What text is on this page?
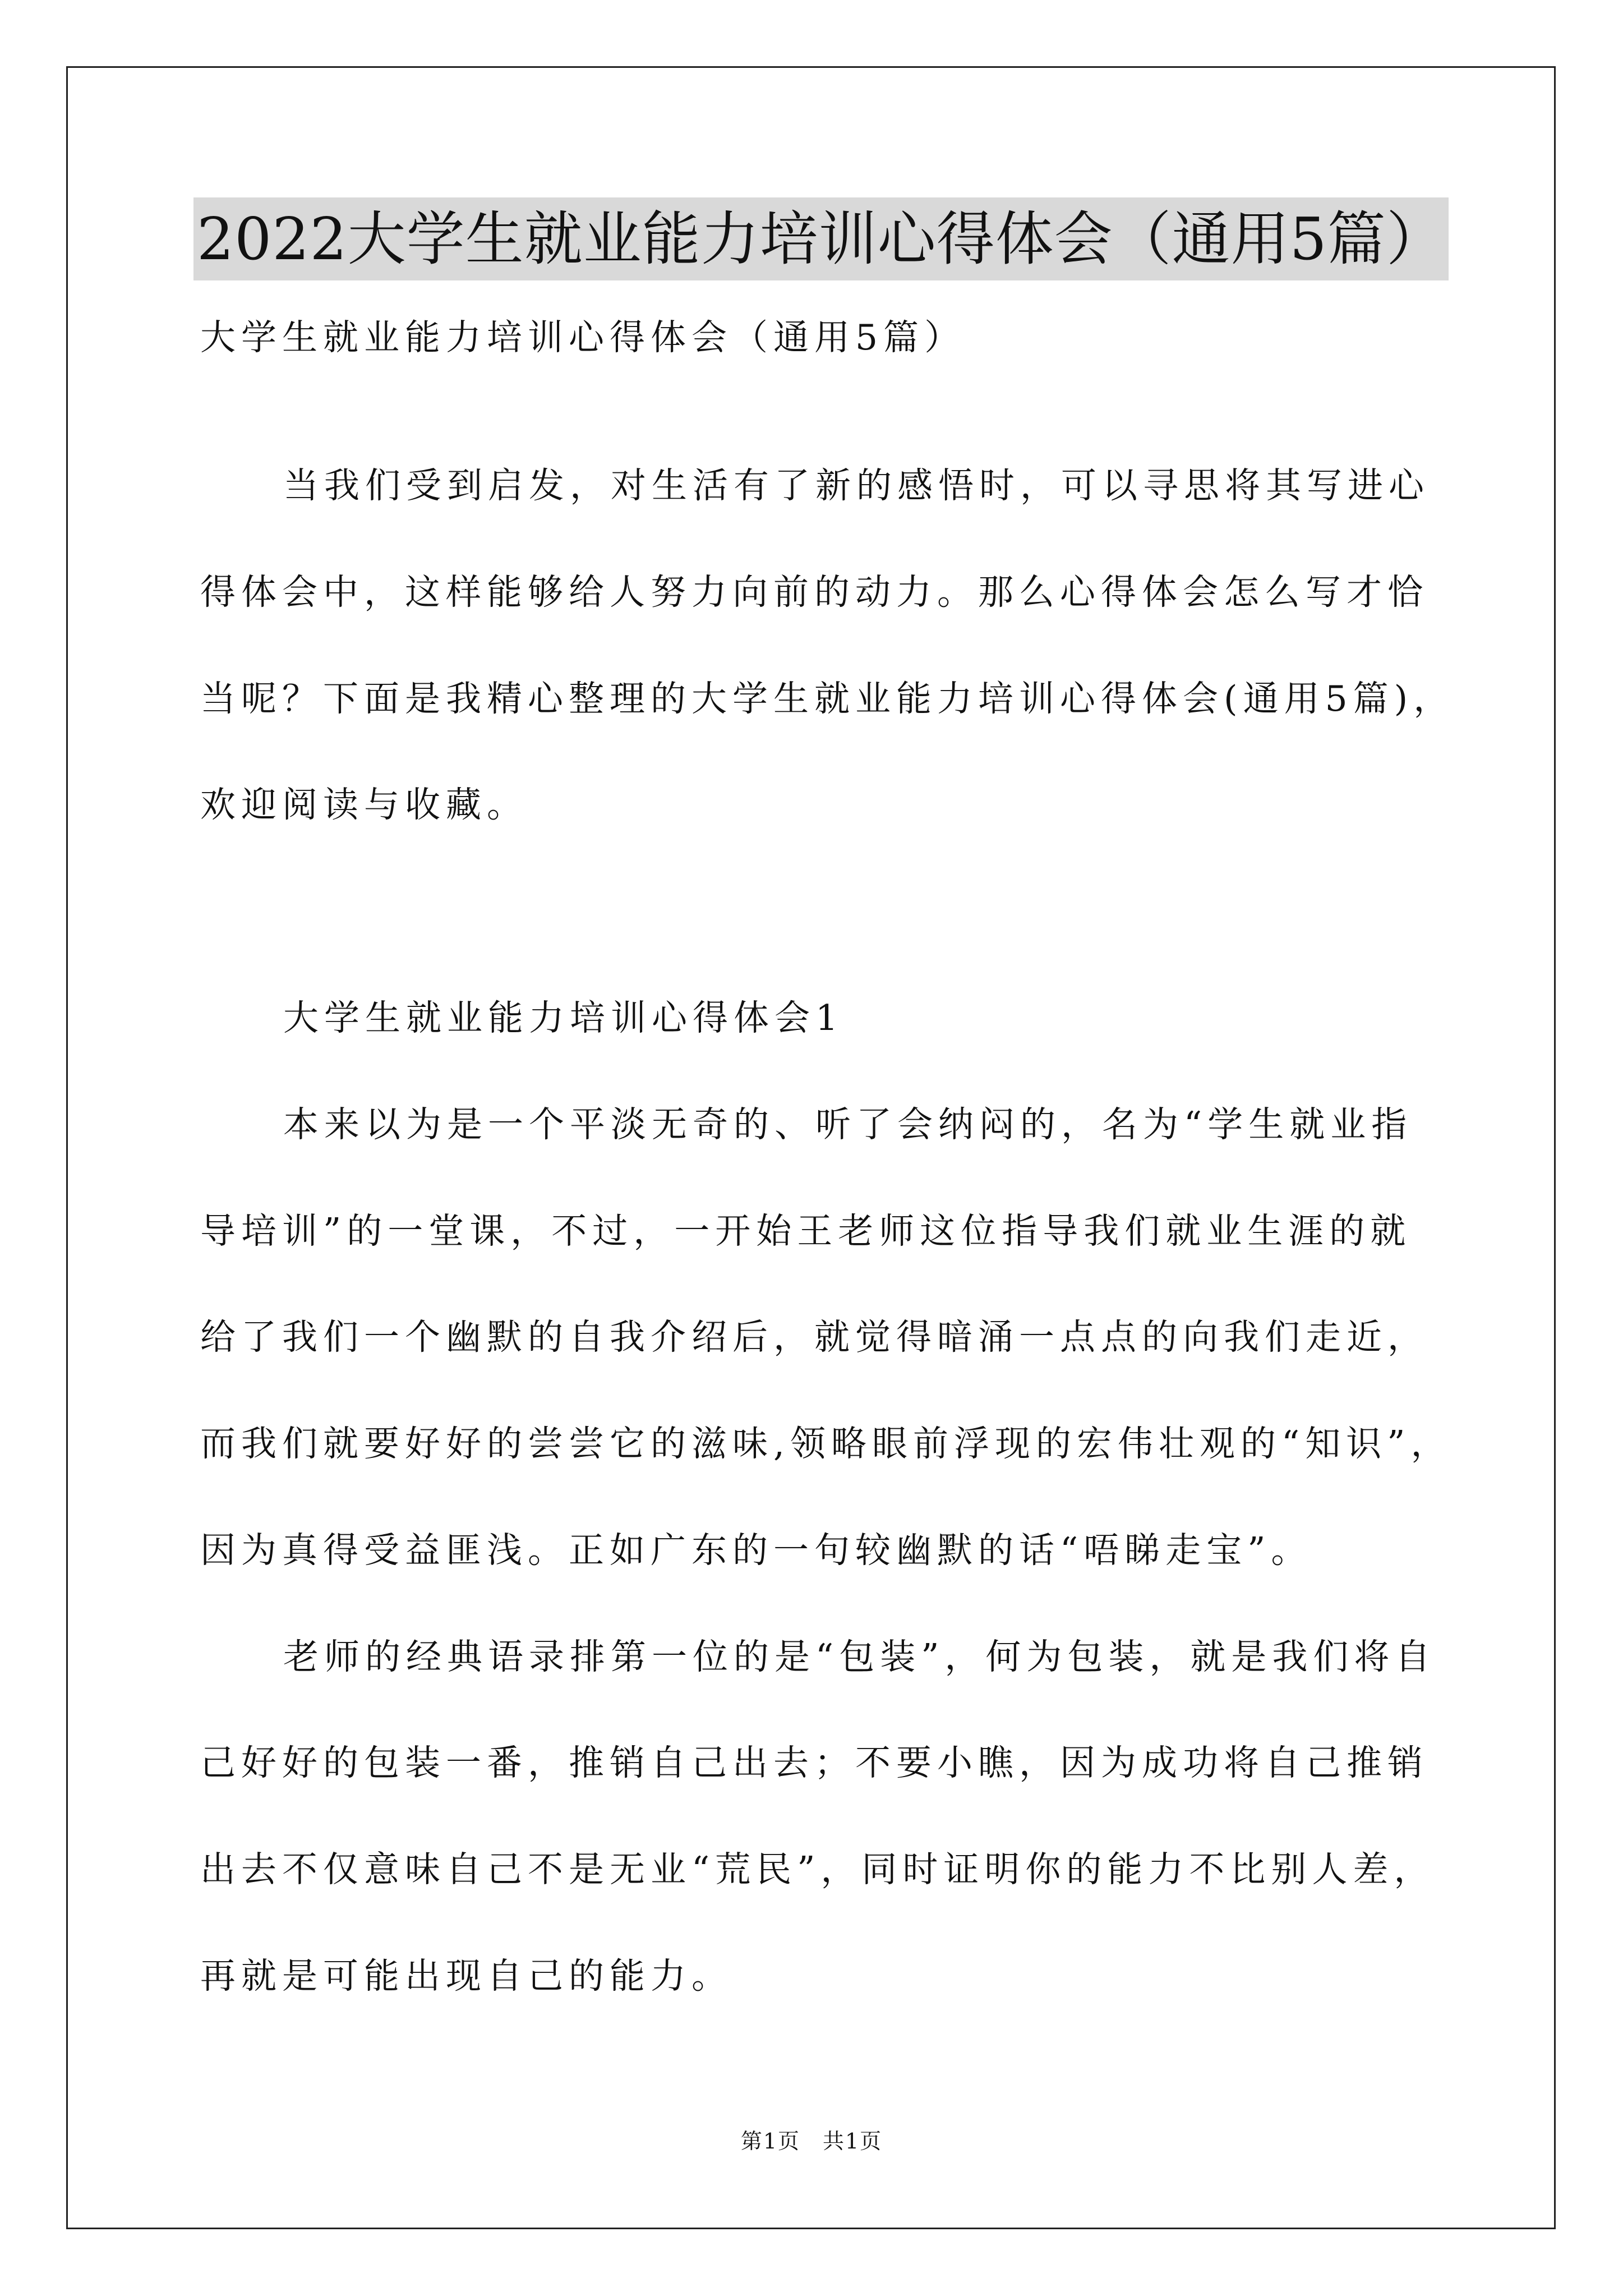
2022大学生就业能力培训心得体会（通用5篇）
大学生就业能力培训心得体会（通用5篇）
当我们受到启发，对生活有了新的感悟时，可以寻思将其写进心
得体会中，这样能够给人努力向前的动力。那么心得体会怎么写才恰
当呢？下面是我精心整理的大学生就业能力培训心得体会(通用5篇)，
欢迎阅读与收藏。
大学生就业能力培训心得体会1
本来以为是一个平淡无奇的、听了会纳闷的，名为“学生就业指
导培训”的一堂课，不过，一开始王老师这位指导我们就业生涯的就
给了我们一个幽默的自我介绍后，就觉得暗涌一点点的向我们走近，
而我们就要好好的尝尝它的滋味,领略眼前浮现的宏伟壮观的“知识”，
因为真得受益匪浅。正如广东的一句较幽默的话“唔睇走宝”。
老师的经典语录排第一位的是“包装”，何为包装，就是我们将自
己好好的包装一番，推销自己出去；不要小瞧，因为成功将自己推销
出去不仅意味自己不是无业“荒民”，同时证明你的能力不比别人差，
再就是可能出现自己的能力。
第1页　共1页
